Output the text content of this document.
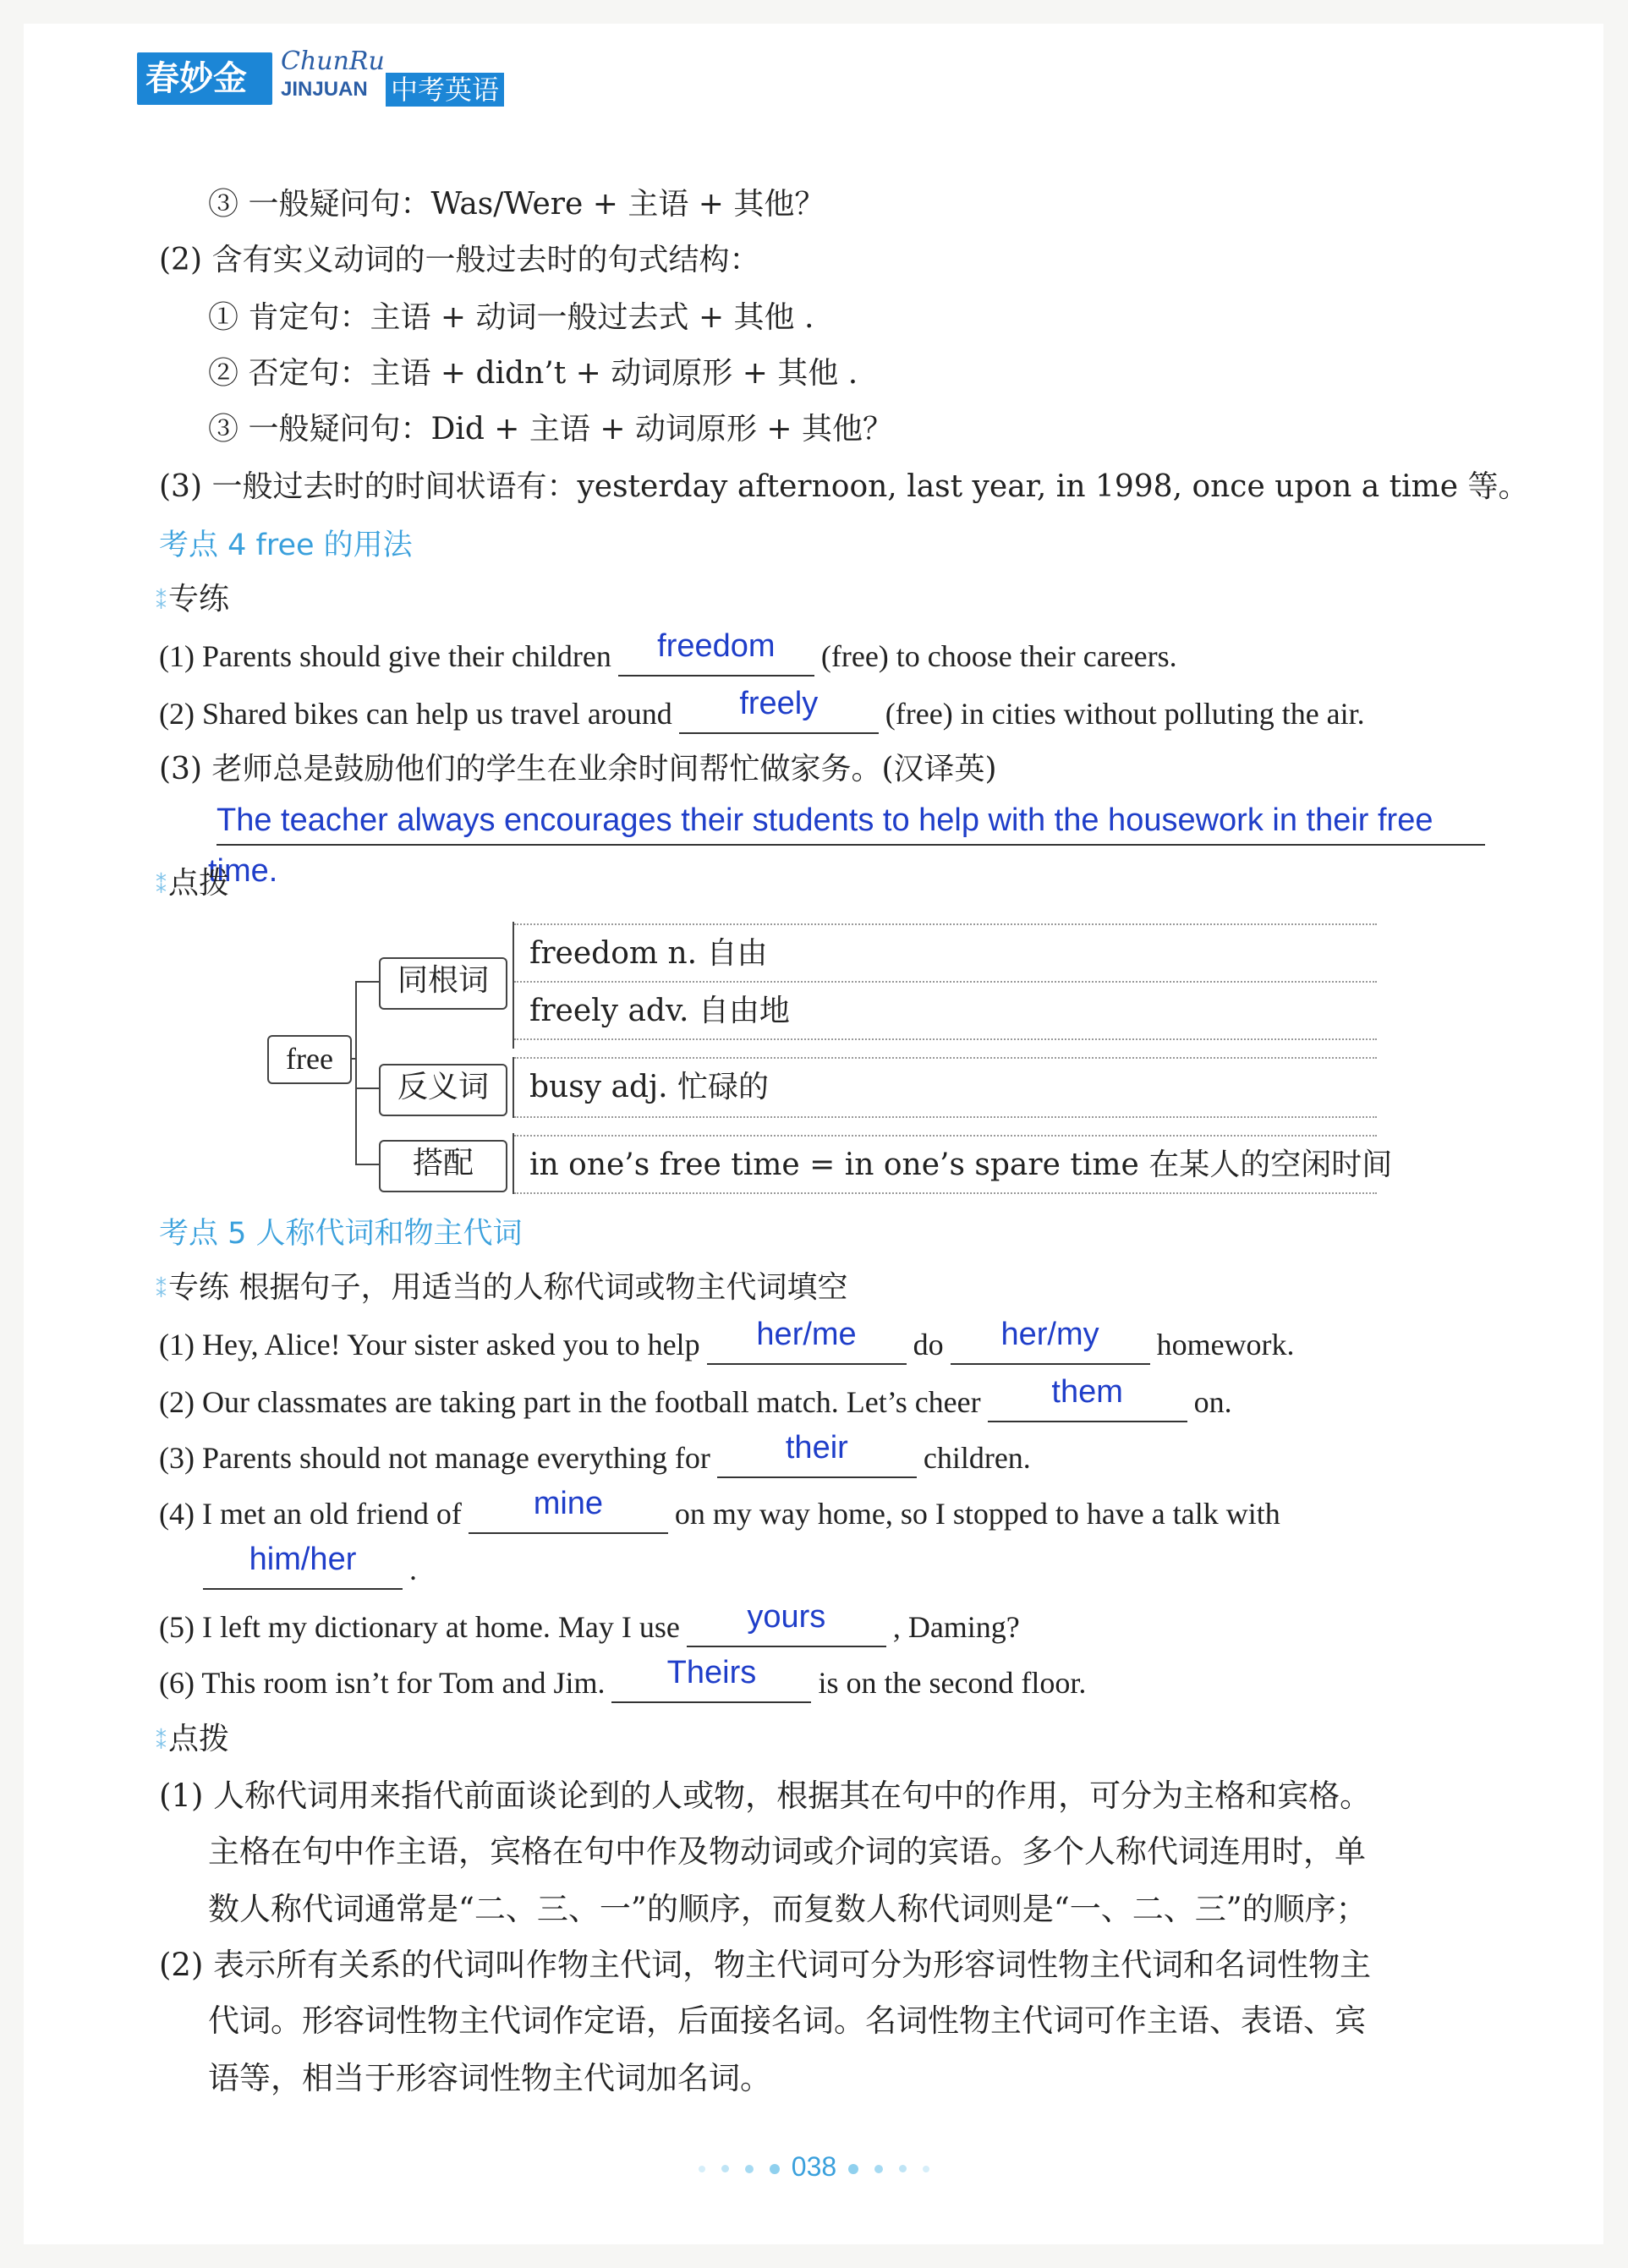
春妙金卷
ChunRu
JINJUAN 中考英语
③ 一般疑问句：Was/Were + 主语 + 其他？
(2) 含有实义动词的一般过去时的句式结构：
① 肯定句：主语 + 动词一般过去式 + 其他 .
② 否定句：主语 + didn’t + 动词原形 + 其他 .
③ 一般疑问句：Did + 主语 + 动词原形 + 其他？
(3) 一般过去时的时间状语有：yesterday afternoon, last year, in 1998, once upon a time 等。
考点 4 free 的用法
⁑专练
(1) Parents should give their children	freedom	(free) to choose their careers.
(2) Shared bikes can help us travel around	freely	(free) in cities without polluting the air.
(3) 老师总是鼓励他们的学生在业余时间帮忙做家务。(汉译英)
The teacher always encourages their students to help with the housework in their free
time.
⁑点拨
free
同根词
反义词
搭配
freedom n. 自由
freely adv. 自由地
busy adj. 忙碌的
in one’s free time = in one’s spare time 在某人的空闲时间
考点 5 人称代词和物主代词
⁑专练 根据句子，用适当的人称代词或物主代词填空
(1) Hey, Alice! Your sister asked you to help	her/me	do	her/my	homework.
(2) Our classmates are taking part in the football match. Let’s cheer	them	on.
(3) Parents should not manage everything for	their	children.
(4) I met an old friend of	mine	on my way home, so I stopped to have a talk with
him/her	.
(5) I left my dictionary at home. May I use	yours	, Daming?
(6) This room isn’t for Tom and Jim.	Theirs	is on the second floor.
⁑点拨
(1) 人称代词用来指代前面谈论到的人或物，根据其在句中的作用，可分为主格和宾格。
主格在句中作主语，宾格在句中作及物动词或介词的宾语。多个人称代词连用时，单
数人称代词通常是“二、三、一”的顺序，而复数人称代词则是“一、二、三”的顺序；
(2) 表示所有关系的代词叫作物主代词，物主代词可分为形容词性物主代词和名词性物主
代词。形容词性物主代词作定语，后面接名词。名词性物主代词可作主语、表语、宾
语等，相当于形容词性物主代词加名词。
038
